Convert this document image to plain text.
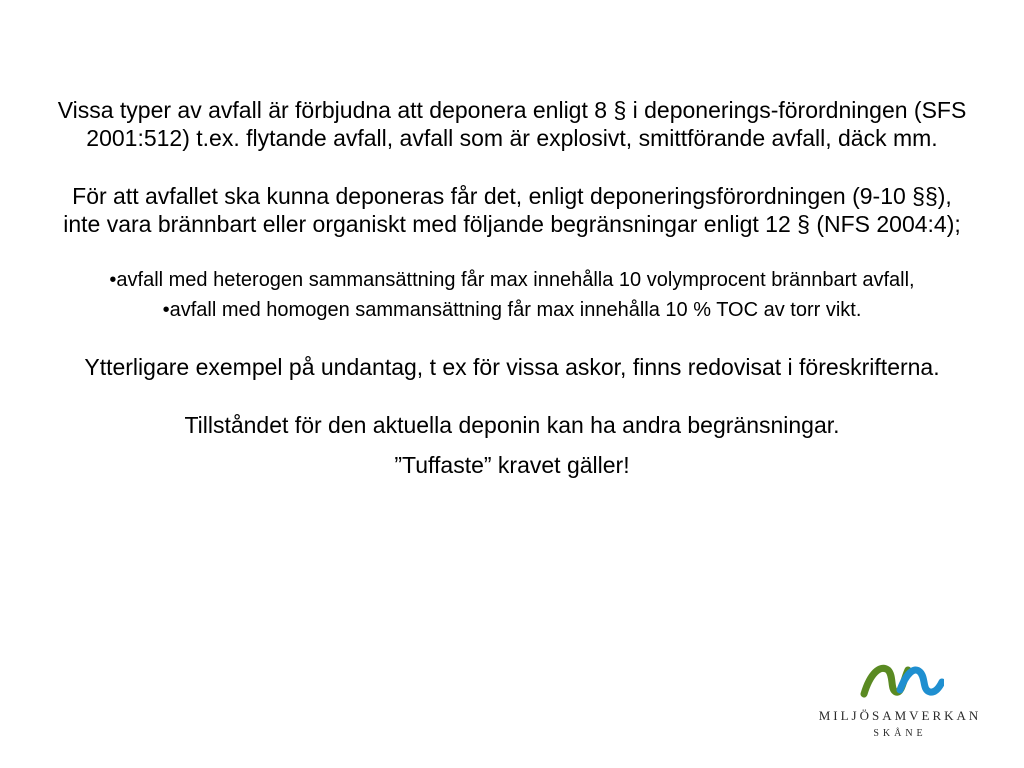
Vissa typer av avfall är förbjudna att deponera enligt 8 § i deponerings-förordningen (SFS 2001:512) t.ex. flytande avfall, avfall som är explosivt, smittförande avfall, däck mm.

För att avfallet ska kunna deponeras får det, enligt deponeringsförordningen (9-10 §§), inte vara brännbart eller organiskt med följande begränsningar enligt 12 § (NFS 2004:4);

•avfall med heterogen sammansättning får max innehålla 10 volymprocent brännbart avfall,

•avfall med homogen sammansättning får max innehålla 10 % TOC av torr vikt.

Ytterligare exempel på undantag, t ex för vissa askor, finns redovisat i föreskrifterna.

Tillståndet för den aktuella deponin kan ha andra begränsningar.

”Tuffaste” kravet gäller!

MILJÖSAMVERKAN
SKÅNE
